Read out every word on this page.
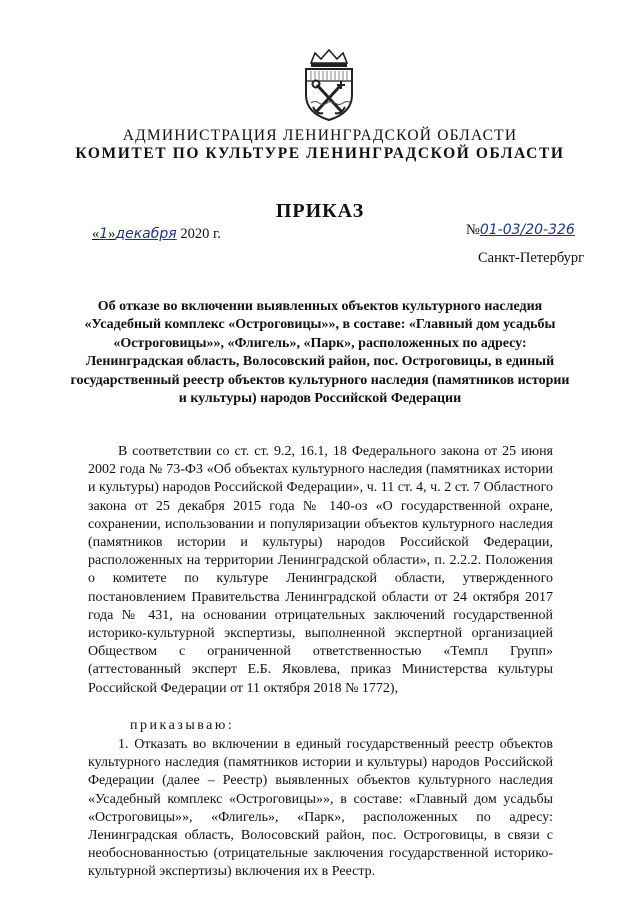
АДМИНИСТРАЦИЯ ЛЕНИНГРАДСКОЙ ОБЛАСТИ
КОМИТЕТ ПО КУЛЬТУРЕ ЛЕНИНГРАДСКОЙ ОБЛАСТИ
ПРИКАЗ
«1»декабря 2020 г.	№01-03/20-326
Санкт-Петербург
Об отказе во включении выявленных объектов культурного наследия «Усадебный комплекс «Остроговицы»», в составе: «Главный дом усадьбы «Остроговицы»», «Флигель», «Парк», расположенных по адресу: Ленинградская область, Волосовский район, пос. Остроговицы, в единый государственный реестр объектов культурного наследия (памятников истории и культуры) народов Российской Федерации
В соответствии со ст. ст. 9.2, 16.1, 18 Федерального закона от 25 июня 2002 года № 73-ФЗ «Об объектах культурного наследия (памятниках истории и культуры) народов Российской Федерации», ч. 11 ст. 4, ч. 2 ст. 7 Областного закона от 25 декабря 2015 года № 140-оз «О государственной охране, сохранении, использовании и популяризации объектов культурного наследия (памятников истории и культуры) народов Российской Федерации, расположенных на территории Ленинградской области», п. 2.2.2. Положения о комитете по культуре Ленинградской области, утвержденного постановлением Правительства Ленинградской области от 24 октября 2017 года № 431, на основании отрицательных заключений государственной историко-культурной экспертизы, выполненной экспертной организацией Обществом с ограниченной ответственностью «Темпл Групп» (аттестованный эксперт Е.Б. Яковлева, приказ Министерства культуры Российской Федерации от 11 октября 2018 № 1772),
приказываю:
1. Отказать во включении в единый государственный реестр объектов культурного наследия (памятников истории и культуры) народов Российской Федерации (далее – Реестр) выявленных объектов культурного наследия «Усадебный комплекс «Остроговицы»», в составе: «Главный дом усадьбы «Остроговицы»», «Флигель», «Парк», расположенных по адресу: Ленинградская область, Волосовский район, пос. Остроговицы, в связи с необоснованностью (отрицательные заключения государственной историко-культурной экспертизы) включения их в Реестр.
